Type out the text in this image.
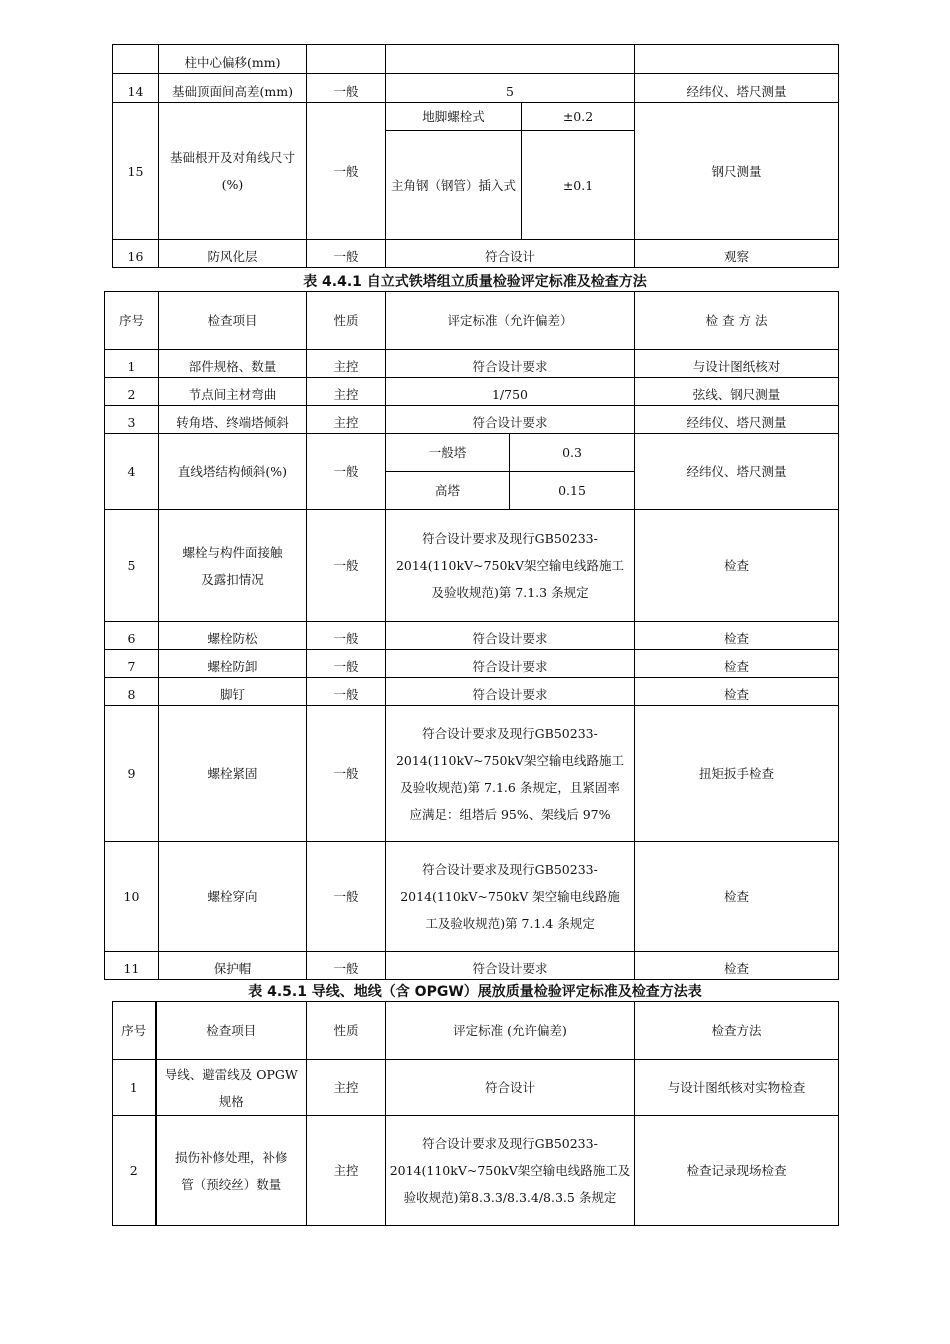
	柱中心偏移(mm)				
14	基础顶面间高差(mm)	一般	5		经纬仪、塔尺测量
15	基础根开及对角线尺寸(%)	一般	地脚螺栓式	±0.2	钢尺测量
			主角钢（钢管）插入式	±0.1	
16	防风化层	一般	符合设计		观察
表 4.4.1 自立式铁塔组立质量检验评定标准及检查方法
序号	检查项目	性质	评定标准（允许偏差）		检 查 方 法
1	部件规格、数量	主控	符合设计要求		与设计图纸核对
2	节点间主材弯曲	主控	1/750		弦线、钢尺测量
3	转角塔、终端塔倾斜	主控	符合设计要求		经纬仪、塔尺测量
4	直线塔结构倾斜(%)	一般	一般塔	0.3	经纬仪、塔尺测量
			高塔	0.15	
5	螺栓与构件面接触及露扣情况	一般	符合设计要求及现行GB50233-2014(110kV~750kV架空输电线路施工及验收规范)第 7.1.3 条规定		检查
6	螺栓防松	一般	符合设计要求		检查
7	螺栓防卸	一般	符合设计要求		检查
8	脚钉	一般	符合设计要求		检查
9	螺栓紧固	一般	符合设计要求及现行GB50233-2014(110kV~750kV架空输电线路施工及验收规范)第 7.1.6 条规定，且紧固率应满足：组塔后 95%、架线后 97%		扭矩扳手检查
10	螺栓穿向	一般	符合设计要求及现行GB50233-2014(110kV~750kV 架空输电线路施工及验收规范)第 7.1.4 条规定		检查
11	保护帽	一般	符合设计要求		检查
表 4.5.1 导线、地线（含 OPGW）展放质量检验评定标准及检查方法表
序号	检查项目	性质	评定标准 (允许偏差)	检查方法
1	导线、避雷线及 OPGW 规格	主控	符合设计	与设计图纸核对实物检查
2	损伤补修处理，补修管（预绞丝）数量	主控	符合设计要求及现行GB50233-2014(110kV~750kV架空输电线路施工及验收规范)第8.3.3/8.3.4/8.3.5 条规定	检查记录现场检查
